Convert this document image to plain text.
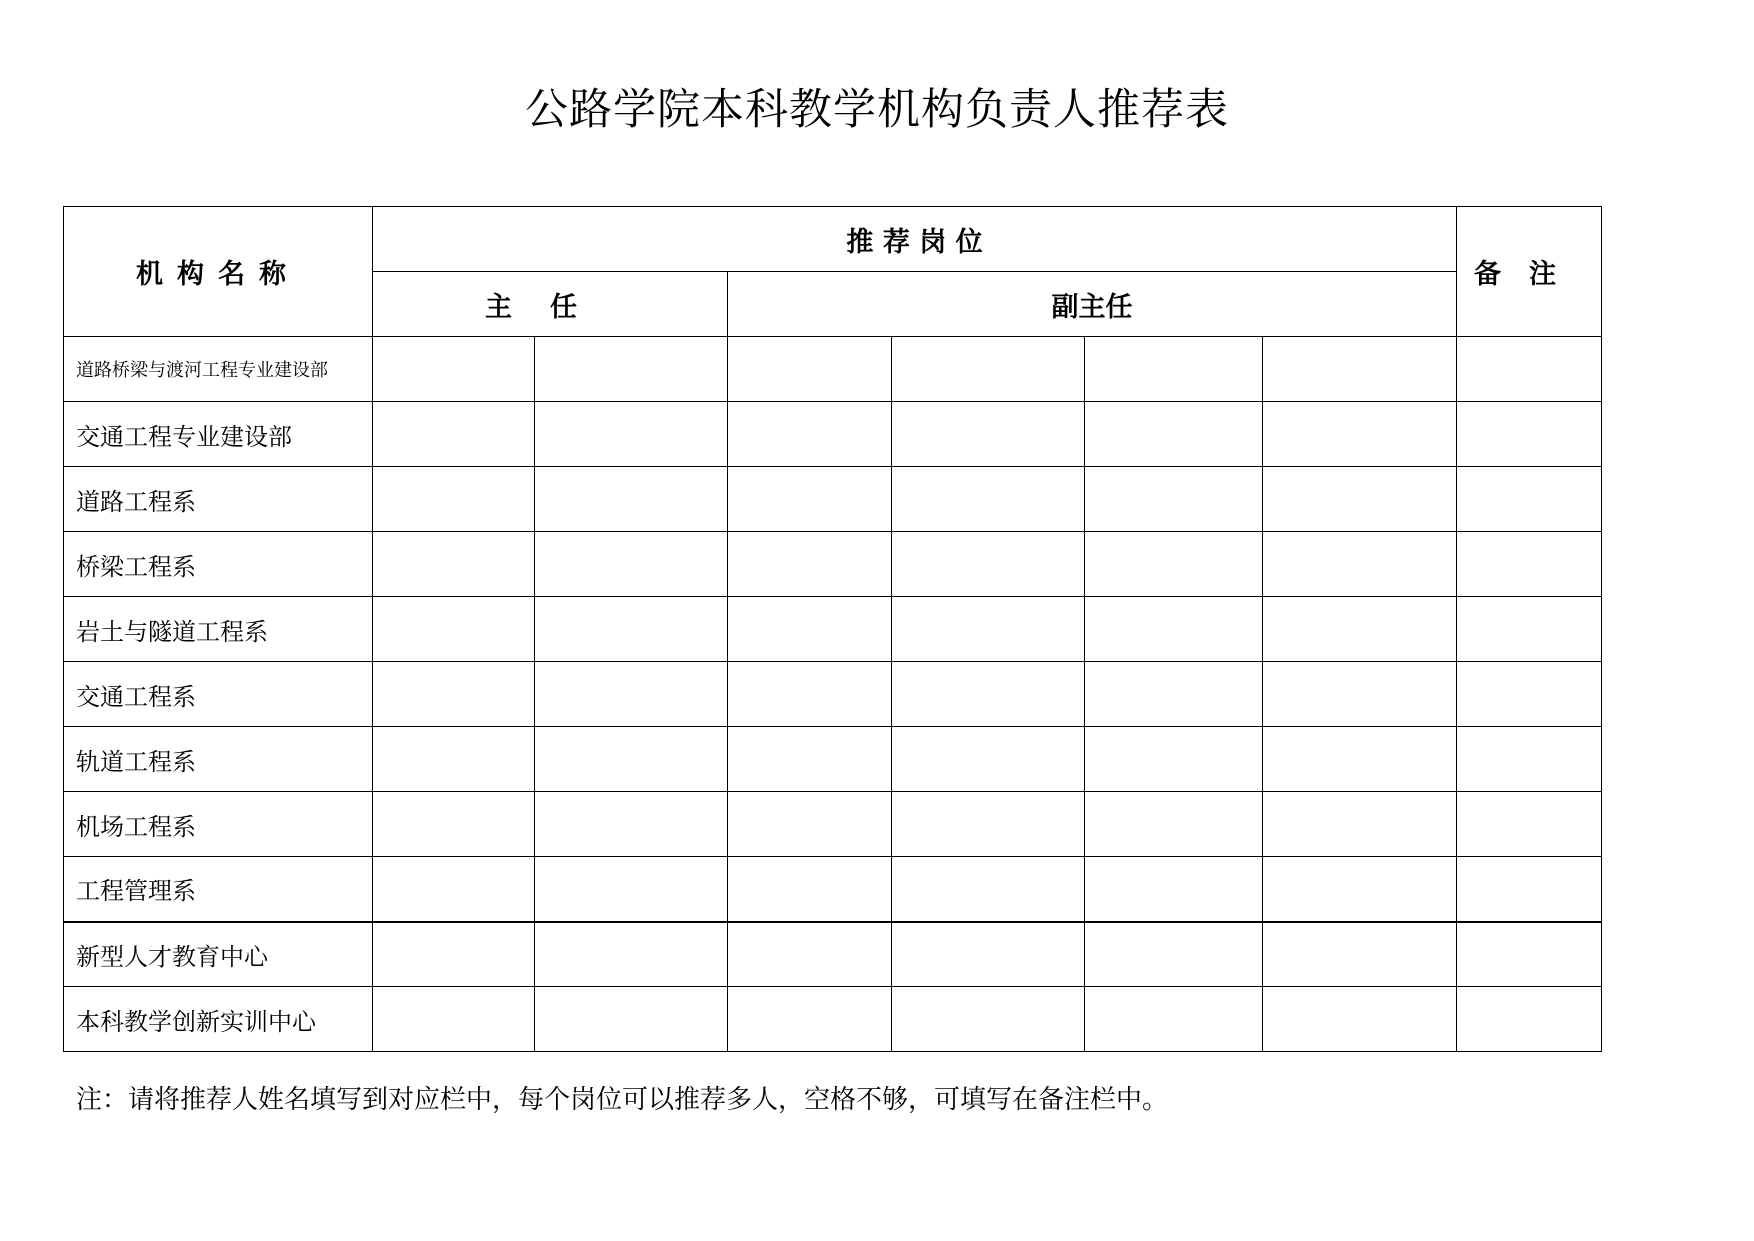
公路学院本科教学机构负责人推荐表
机构名称	推 荐 岗 位						备注
	主任		副主任				
道路桥梁与渡河工程专业建设部							
交通工程专业建设部							
道路工程系							
桥梁工程系							
岩土与隧道工程系							
交通工程系							
轨道工程系							
机场工程系							
工程管理系							
新型人才教育中心							
本科教学创新实训中心							
注：请将推荐人姓名填写到对应栏中，每个岗位可以推荐多人，空格不够，可填写在备注栏中。
